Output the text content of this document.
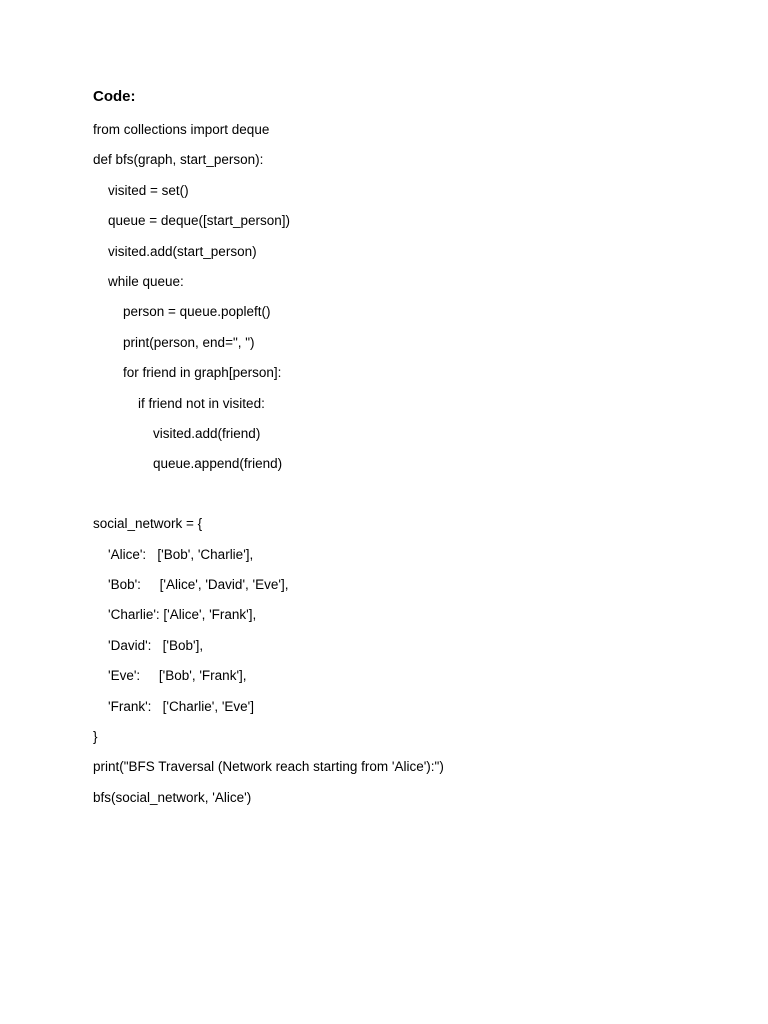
Code:
from collections import deque
def bfs(graph, start_person):
visited = set()
queue = deque([start_person])
visited.add(start_person)
while queue:
person = queue.popleft()
print(person, end=", ")
for friend in graph[person]:
if friend not in visited:
visited.add(friend)
queue.append(friend)
social_network = {
'Alice':   ['Bob', 'Charlie'],
'Bob':     ['Alice', 'David', 'Eve'],
'Charlie': ['Alice', 'Frank'],
'David':   ['Bob'],
'Eve':     ['Bob', 'Frank'],
'Frank':   ['Charlie', 'Eve']
}
print("BFS Traversal (Network reach starting from 'Alice'):")
bfs(social_network, 'Alice')
